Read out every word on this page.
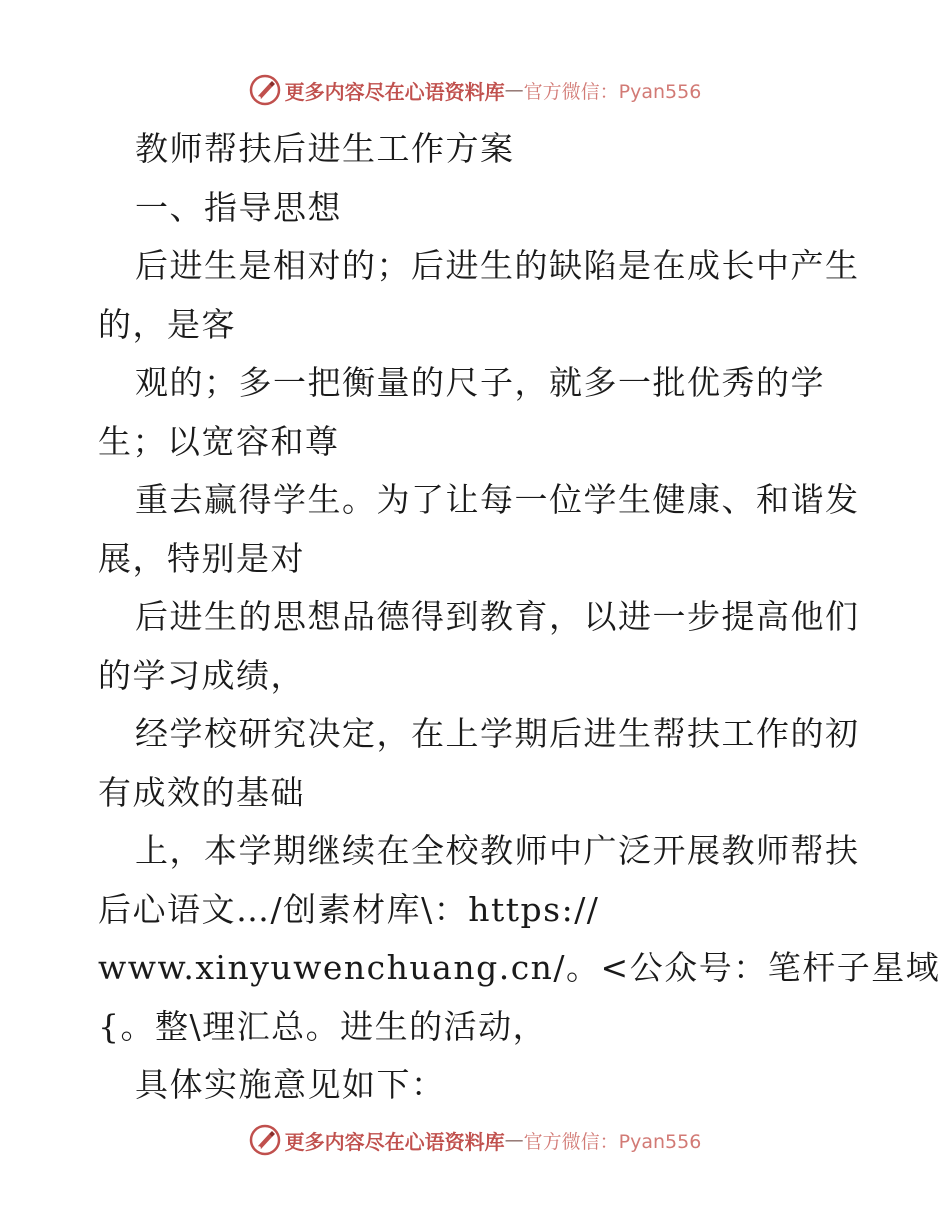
更多内容尽在心语资料库 — 官方微信：Pyan556
教师帮扶后进生工作方案
一、指导思想
后进生是相对的；后进生的缺陷是在成长中产生
的，是客
观的；多一把衡量的尺子，就多一批优秀的学
生；以宽容和尊
重去赢得学生。为了让每一位学生健康、和谐发
展，特别是对
后进生的思想品德得到教育，以进一步提高他们
的学习成绩，
经学校研究决定，在上学期后进生帮扶工作的初
有成效的基础
上，本学期继续在全校教师中广泛开展教师帮扶
后心语文…/创素材库\：https://
www.xinyuwenchuang.cn/。<公众号：笔杆子星域
{。整\理汇总。进生的活动，
具体实施意见如下：
更多内容尽在心语资料库 — 官方微信：Pyan556
